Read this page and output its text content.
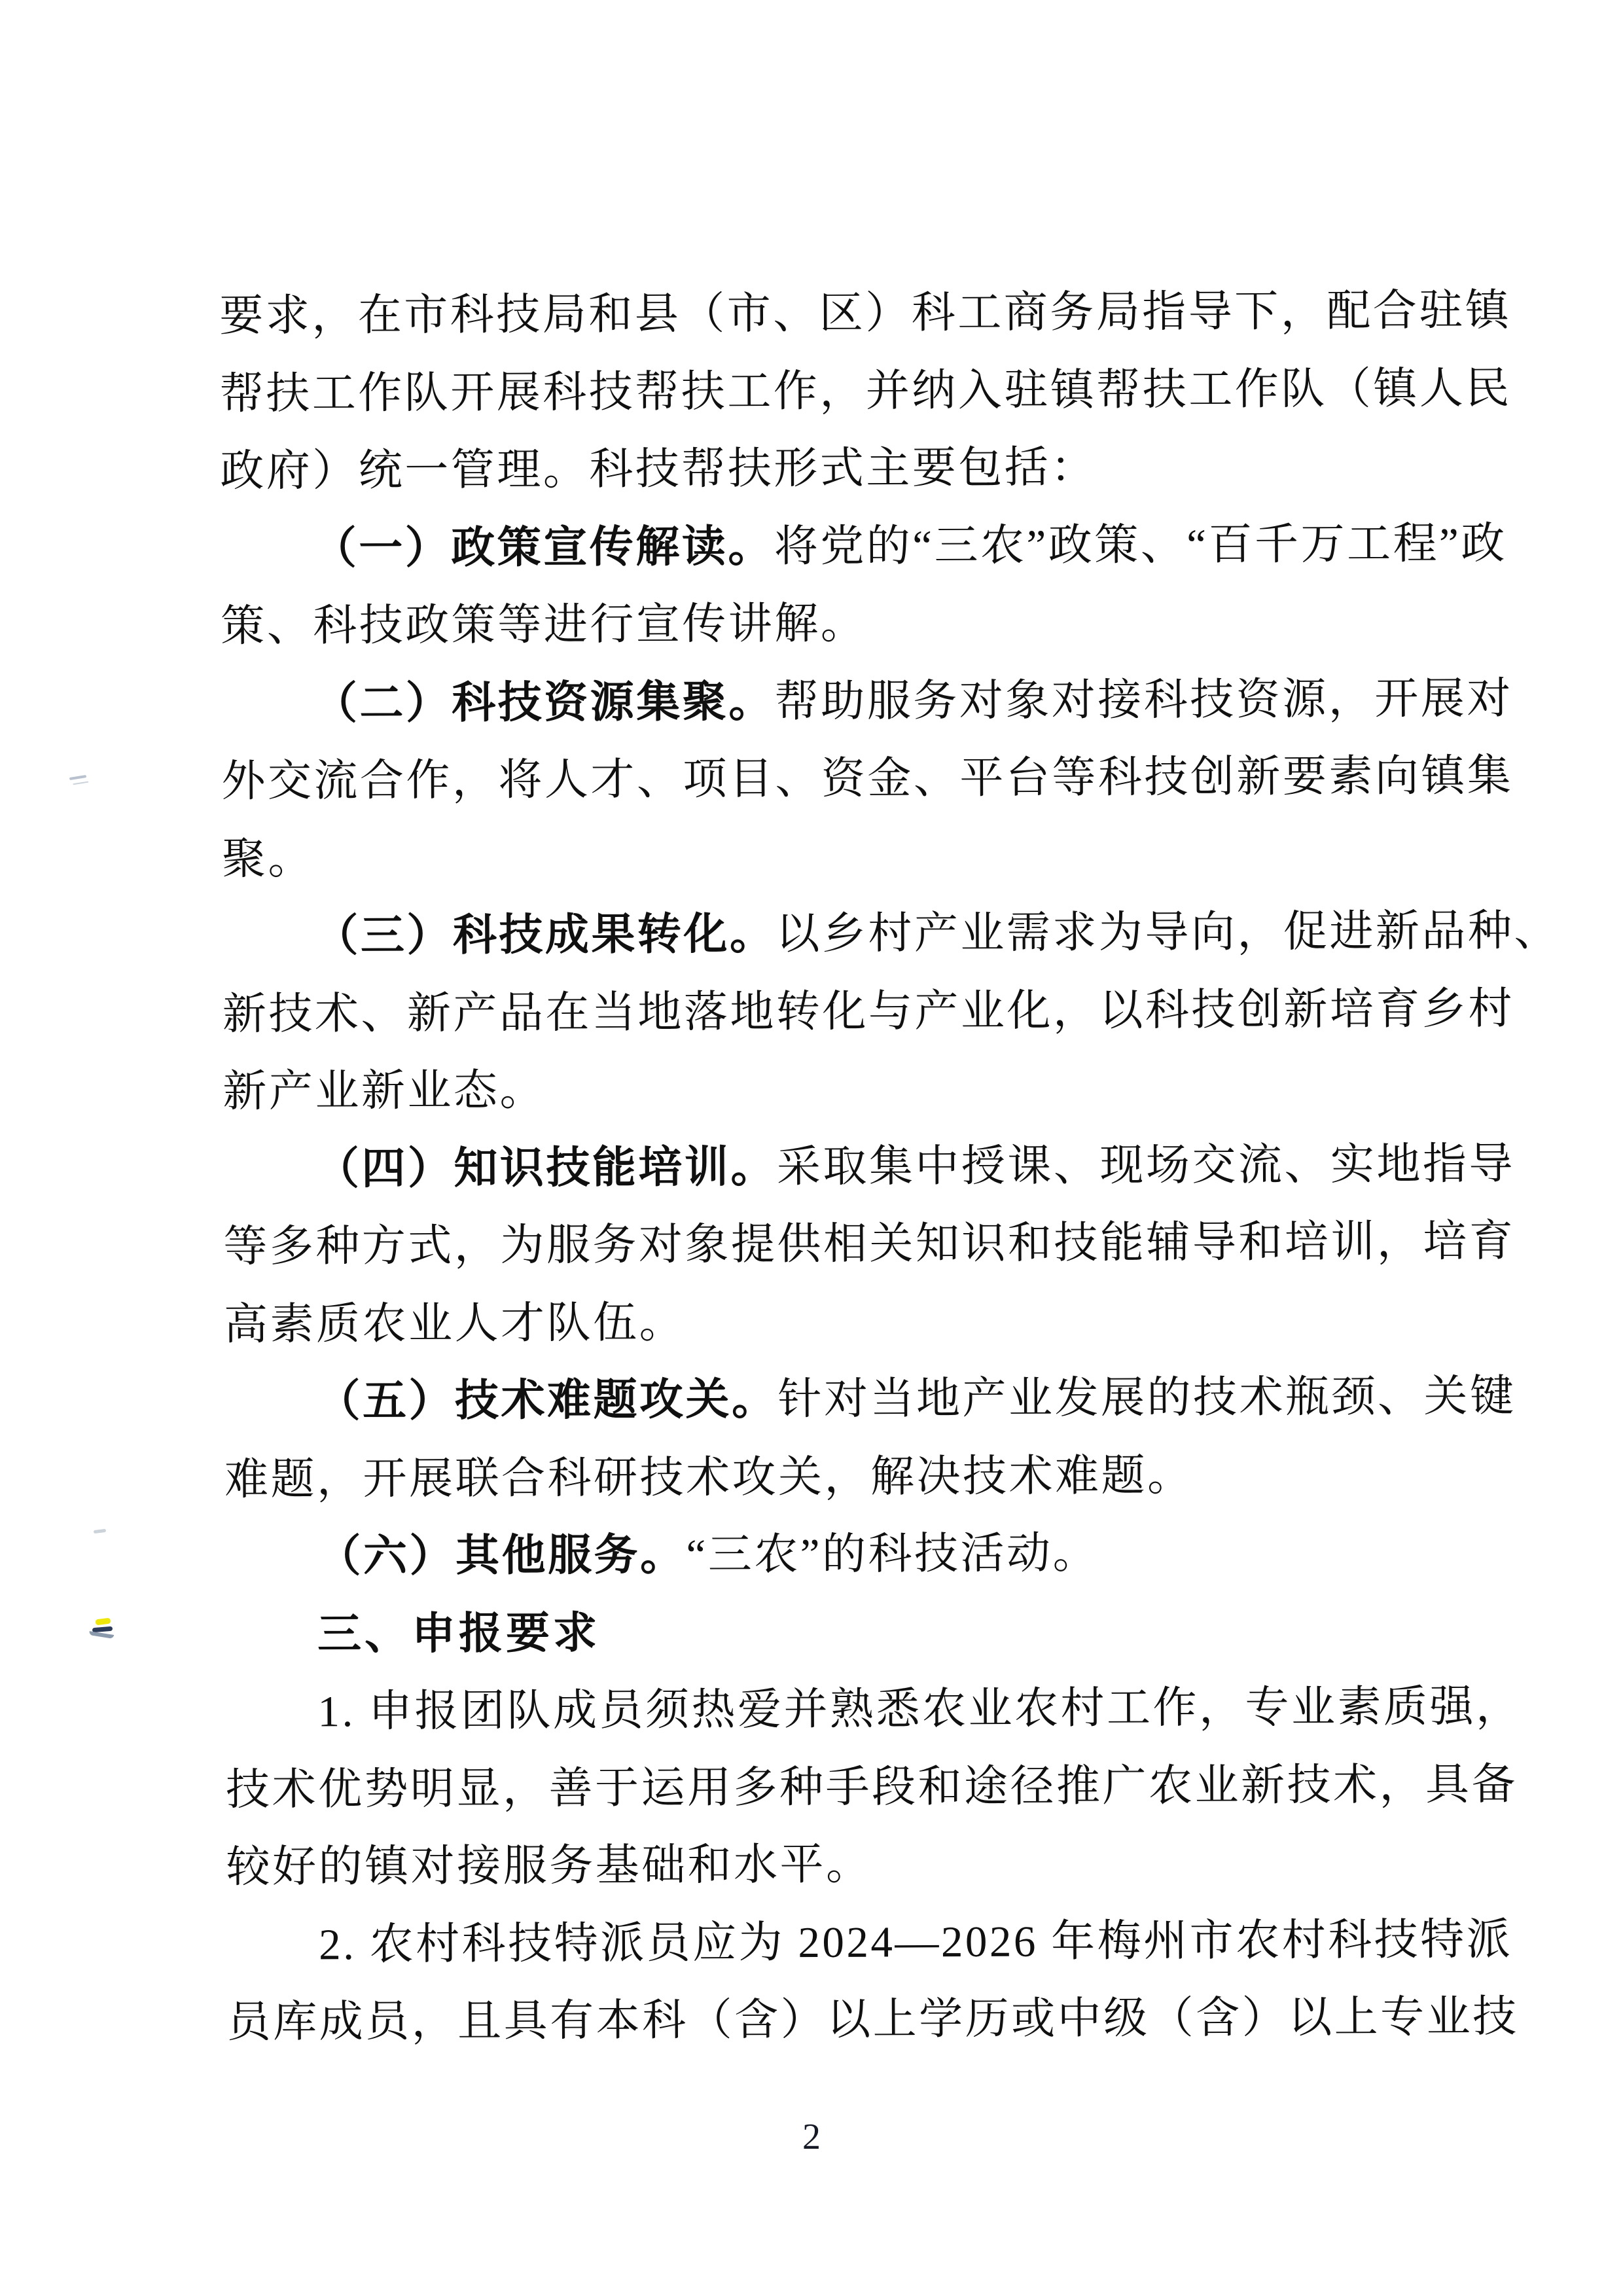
要求，在市科技局和县（市、区）科工商务局指导下，配合驻镇
帮扶工作队开展科技帮扶工作，并纳入驻镇帮扶工作队（镇人民
政府）统一管理。科技帮扶形式主要包括：
（一）政策宣传解读。将党的“三农”政策、“百千万工程”政
策、科技政策等进行宣传讲解。
（二）科技资源集聚。帮助服务对象对接科技资源，开展对
外交流合作，将人才、项目、资金、平台等科技创新要素向镇集
聚。
（三）科技成果转化。以乡村产业需求为导向，促进新品种、
新技术、新产品在当地落地转化与产业化，以科技创新培育乡村
新产业新业态。
（四）知识技能培训。采取集中授课、现场交流、实地指导
等多种方式，为服务对象提供相关知识和技能辅导和培训，培育
高素质农业人才队伍。
（五）技术难题攻关。针对当地产业发展的技术瓶颈、关键
难题，开展联合科研技术攻关，解决技术难题。
（六）其他服务。“三农”的科技活动。
三、申报要求
1. 申报团队成员须热爱并熟悉农业农村工作，专业素质强，
技术优势明显，善于运用多种手段和途径推广农业新技术，具备
较好的镇对接服务基础和水平。
2. 农村科技特派员应为 2024—2026 年梅州市农村科技特派
员库成员，且具有本科（含）以上学历或中级（含）以上专业技
2
